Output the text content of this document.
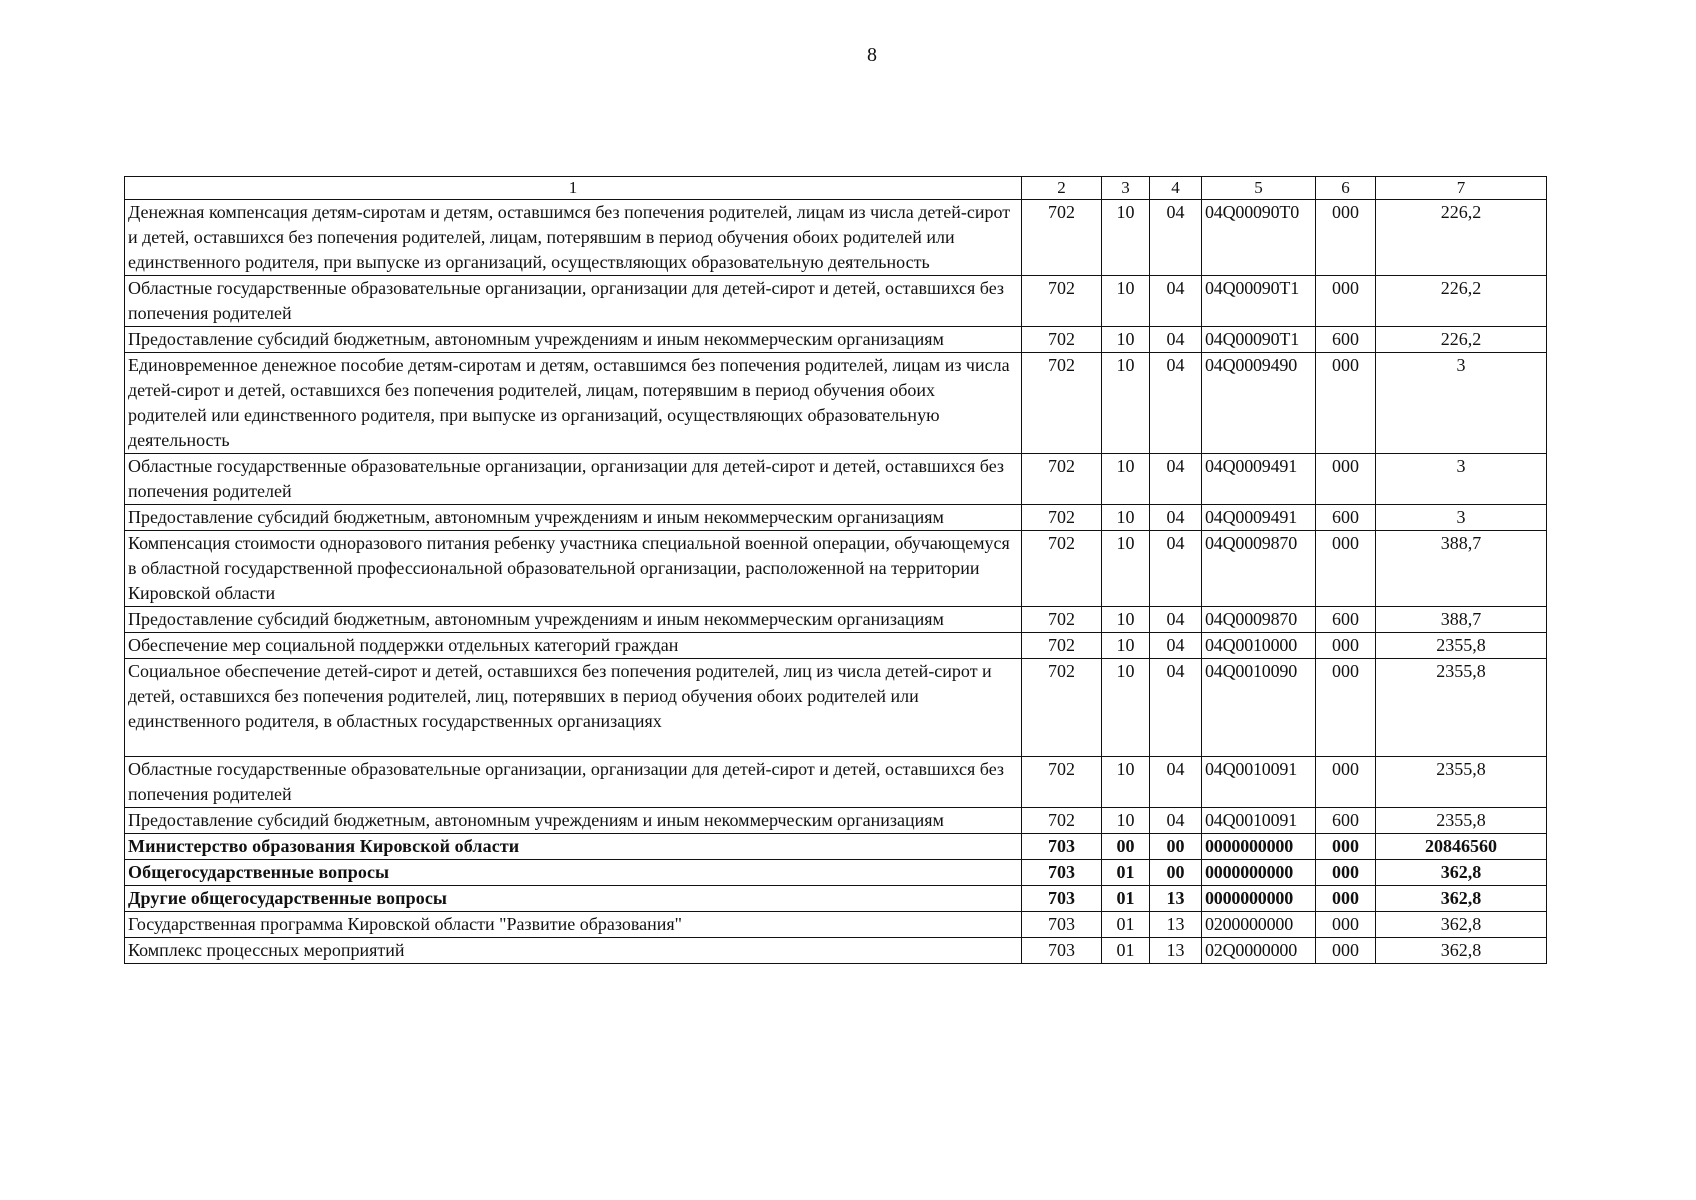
8
1	2	3	4	5	6	7
Денежная компенсация детям-сиротам и детям, оставшимся без попечения родителей, лицам из числа детей-сирот и детей, оставшихся без попечения родителей, лицам, потерявшим в период обучения обоих родителей или единственного родителя, при выпуске из организаций, осуществляющих образовательную деятельность	702	10	04	04Q00090T0	000	226,2
Областные государственные образовательные организации, организации для детей-сирот и детей, оставшихся без попечения родителей	702	10	04	04Q00090T1	000	226,2
Предоставление субсидий бюджетным, автономным учреждениям и иным некоммерческим организациям	702	10	04	04Q00090T1	600	226,2
Единовременное денежное пособие детям-сиротам и детям, оставшимся без попечения родителей, лицам из числа детей-сирот и детей, оставшихся без попечения родителей, лицам, потерявшим в период обучения обоих родителей или единственного родителя, при выпуске из организаций, осуществляющих образовательную деятельность	702	10	04	04Q0009490	000	3
Областные государственные образовательные организации, организации для детей-сирот и детей, оставшихся без попечения родителей	702	10	04	04Q0009491	000	3
Предоставление субсидий бюджетным, автономным учреждениям и иным некоммерческим организациям	702	10	04	04Q0009491	600	3
Компенсация стоимости одноразового питания ребенку участника специальной военной операции, обучающемуся в областной государственной профессиональной образовательной организации, расположенной на территории Кировской области	702	10	04	04Q0009870	000	388,7
Предоставление субсидий бюджетным, автономным учреждениям и иным некоммерческим организациям	702	10	04	04Q0009870	600	388,7
Обеспечение мер социальной поддержки отдельных категорий граждан	702	10	04	04Q0010000	000	2355,8
Социальное обеспечение детей-сирот и детей, оставшихся без попечения родителей, лиц из числа детей-сирот и детей, оставшихся без попечения родителей, лиц, потерявших в период обучения обоих родителей или единственного родителя, в областных государственных организациях	702	10	04	04Q0010090	000	2355,8
Областные государственные образовательные организации, организации для детей-сирот и детей, оставшихся без попечения родителей	702	10	04	04Q0010091	000	2355,8
Предоставление субсидий бюджетным, автономным учреждениям и иным некоммерческим организациям	702	10	04	04Q0010091	600	2355,8
Министерство образования Кировской области	703	00	00	0000000000	000	20846560
Общегосударственные вопросы	703	01	00	0000000000	000	362,8
Другие общегосударственные вопросы	703	01	13	0000000000	000	362,8
Государственная программа Кировской области "Развитие образования"	703	01	13	0200000000	000	362,8
Комплекс процессных мероприятий	703	01	13	02Q0000000	000	362,8
